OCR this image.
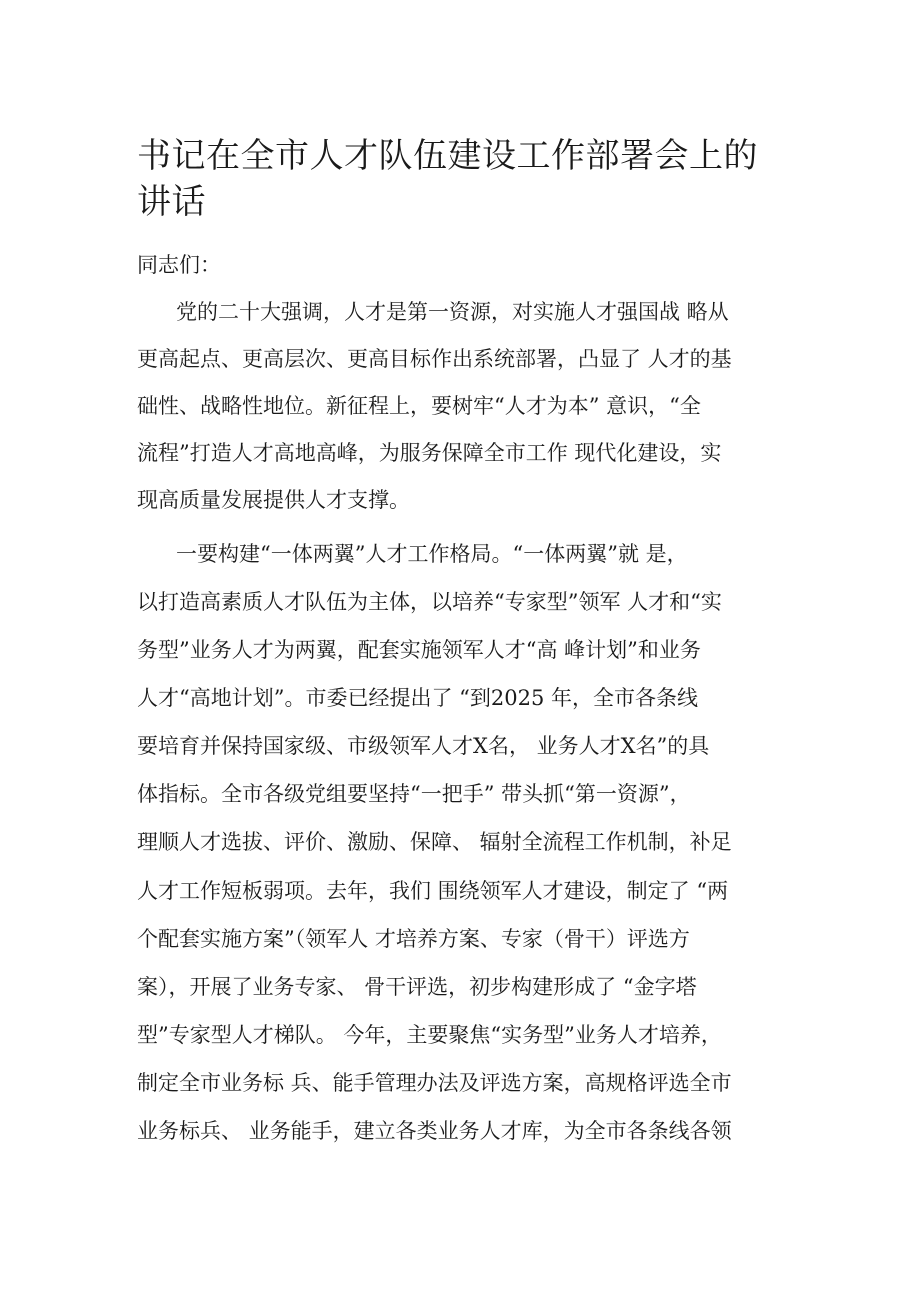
书记在全市人才队伍建设工作部署会上的
讲话
同志们：
党的二十大强调，人才是第一资源，对实施人才强国战 略从
更高起点、更高层次、更高目标作出系统部署，凸显了 人才的基
础性、战略性地位。新征程上，要树牢“人才为本” 意识，“全
流程”打造人才高地高峰，为服务保障全市工作 现代化建设，实
现高质量发展提供人才支撑。
一要构建“一体两翼”人才工作格局。“一体两翼”就 是，
以打造高素质人才队伍为主体，以培养“专家型”领军 人才和“实
务型”业务人才为两翼，配套实施领军人才“高 峰计划”和业务
人才“高地计划”。市委已经提出了 “到2025 年，全市各条线
要培育并保持国家级、市级领军人才X名， 业务人才X名”的具
体指标。全市各级党组要坚持“一把手” 带头抓“第一资源”，
理顺人才选拔、评价、激励、保障、 辐射全流程工作机制，补足
人才工作短板弱项。去年，我们 围绕领军人才建设，制定了 “两
个配套实施方案”（领军人 才培养方案、专家（骨干）评选方
案），开展了业务专家、 骨干评选，初步构建形成了 “金字塔
型”专家型人才梯队。 今年，主要聚焦“实务型”业务人才培养，
制定全市业务标 兵、能手管理办法及评选方案，高规格评选全市
业务标兵、 业务能手，建立各类业务人才库，为全市各条线各领
